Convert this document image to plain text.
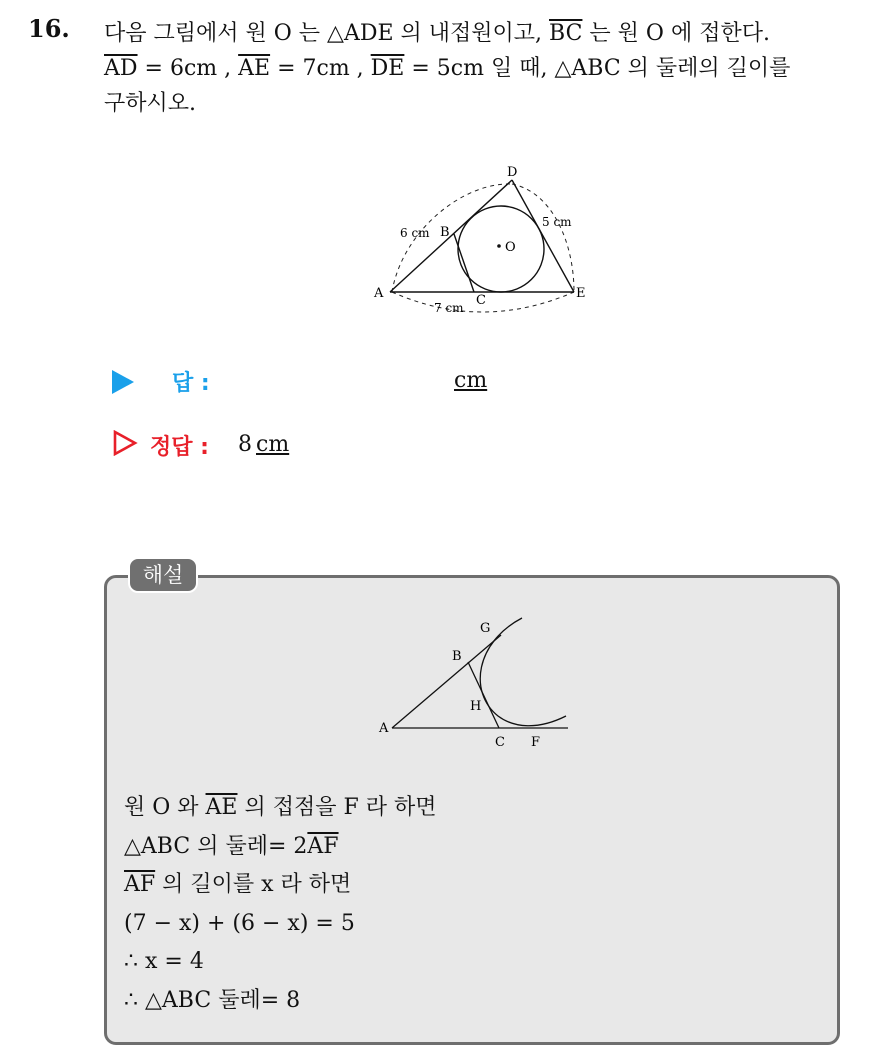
16. 다음 그림에서 원 O 는 △ADE 의 내접원이고, $\overline{BC}$ 는 원 O 에 접한다.
$\overline{AD} = 6cm$ , $\overline{AE} = 7cm$ , $\overline{DE} = 5cm$ 일 때, △ABC 의 둘레의 길이를
구하시오.
O
D
A	E
B
C
6 cm
5 cm
7 cm
답 :	cm
정답 : 8 cm
해설
G
B
H
A
C F
원 O 와 $\overline{AE}$ 의 접점을 F 라 하면
△ABC 의 둘레= $2\overline{AF}$
$\overline{AF}$ 의 길이를 x 라 하면
(7 − x) + (6 − x) = 5
∴ x = 4
∴ △ABC 둘레= 8
